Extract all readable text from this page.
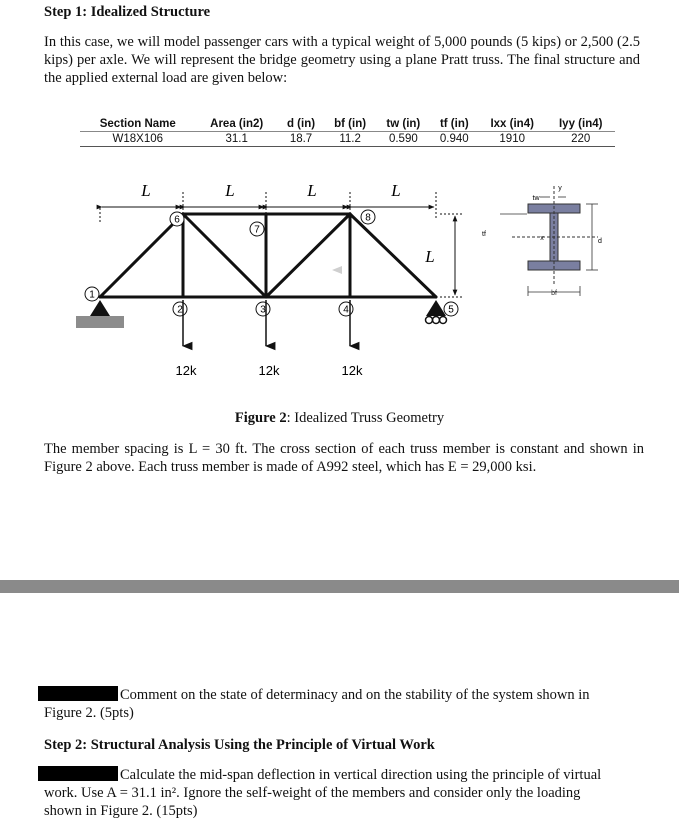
Step 1: Idealized Structure

In this case, we will model passenger cars with a typical weight of 5,000 pounds (5 kips) or 2,500 (2.5 kips) per axle. We will represent the bridge geometry using a plane Pratt truss. The final structure and the applied external load are given below:

Section Name	Area (in2)	d (in)	bf (in)	tw (in)	tf (in)	Ixx (in4)	Iyy (in4)
W18X106	31.1	18.7	11.2	0.590	0.940	1910	220
L	L	L	L
L
1
2	3	4	5
6
7
8
12k	12k	12k
tw
tf
bf
d
x
y
Figure 2: Idealized Truss Geometry

The member spacing is L = 30 ft. The cross section of each truss member is constant and shown in Figure 2 above. Each truss member is made of A992 steel, which has E = 29,000 ksi.

Comment on the state of determinacy and on the stability of the system shown in
Figure 2. (5pts)
Step 2: Structural Analysis Using the Principle of Virtual Work
Calculate the mid-span deflection in vertical direction using the principle of virtual
work. Use A = 31.1 in². Ignore the self-weight of the members and consider only the loading
shown in Figure 2. (15pts)
